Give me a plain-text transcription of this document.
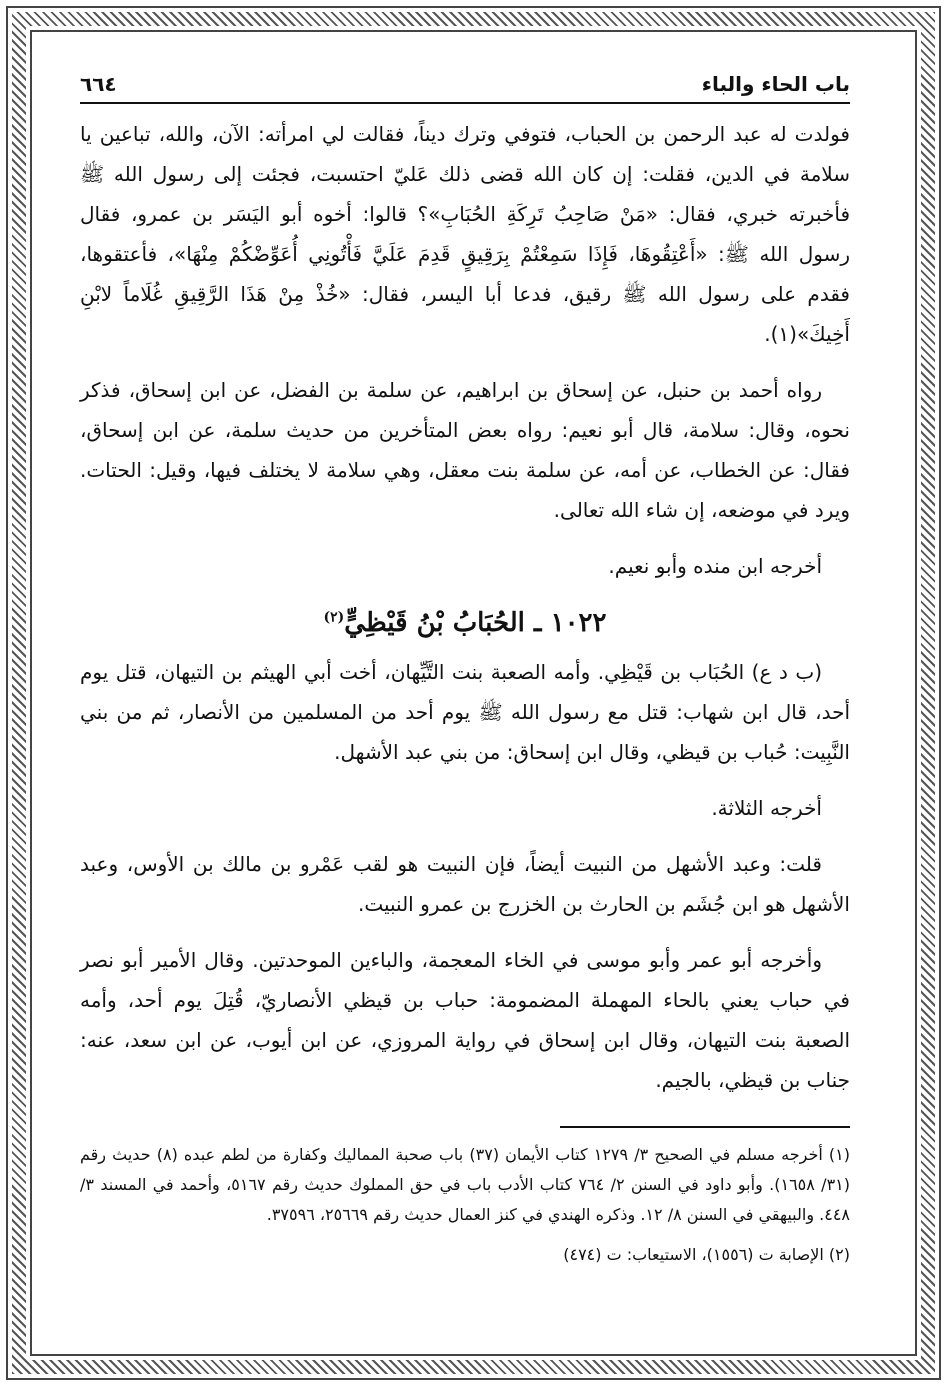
باب الحاء والباء
٦٦٤

فولدت له عبد الرحمن بن الحباب، فتوفي وترك ديناً، فقالت لي امرأته: الآن، والله، تباعين يا سلامة في الدين، فقلت: إن كان الله قضى ذلك عَليّ احتسبت، فجئت إلى رسول الله ﷺ فأخبرته خبري، فقال: «مَنْ صَاحِبُ تَرِكَةِ الحُبَابِ»؟ قالوا: أخوه أبو اليَسَر بن عمرو، فقال رسول الله ﷺ: «أَعْتِقُوهَا، فَإِذَا سَمِعْتُمْ بِرَقِيقٍ قَدِمَ عَلَيَّ فَأْتُونِي أُعَوِّضْكُمْ مِنْهَا»، فأعتقوها، فقدم على رسول الله ﷺ رقيق، فدعا أبا اليسر، فقال: «خُذْ مِنْ هَذَا الرَّقِيقِ غُلَاماً لابْنِ أَخِيكَ»(١).

رواه أحمد بن حنبل، عن إسحاق بن ابراهيم، عن سلمة بن الفضل، عن ابن إسحاق، فذكر نحوه، وقال: سلامة، قال أبو نعيم: رواه بعض المتأخرين من حديث سلمة، عن ابن إسحاق، فقال: عن الخطاب، عن أمه، عن سلمة بنت معقل، وهي سلامة لا يختلف فيها، وقيل: الحتات. ويرد في موضعه، إن شاء الله تعالى.

أخرجه ابن منده وأبو نعيم.

١٠٢٢ ـ الحُبَابُ بْنُ قَيْظِيٍّ$^{(٢)}$

(ب د ع) الحُبَاب بن قَيْظِي. وأمه الصعبة بنت التَّيِّهان، أخت أبي الهيثم بن التيهان، قتل يوم أحد، قال ابن شهاب: قتل مع رسول الله ﷺ يوم أحد من المسلمين من الأنصار، ثم من بني النَّبِيت: حُباب بن قيظي، وقال ابن إسحاق: من بني عبد الأشهل.

أخرجه الثلاثة.

قلت: وعبد الأشهل من النبيت أيضاً، فإن النبيت هو لقب عَمْرو بن مالك بن الأوس، وعبد الأشهل هو ابن جُشَم بن الحارث بن الخزرج بن عمرو النبيت.

وأخرجه أبو عمر وأبو موسى في الخاء المعجمة، والباءين الموحدتين. وقال الأمير أبو نصر في حباب يعني بالحاء المهملة المضمومة: حباب بن قيظي الأنصاريّ، قُتِلَ يوم أحد، وأمه الصعبة بنت التيهان، وقال ابن إسحاق في رواية المروزي، عن ابن أيوب، عن ابن سعد، عنه: جناب بن قيظي، بالجيم.

(١) أخرجه مسلم في الصحيح ٣/ ١٢٧٩ كتاب الأيمان (٣٧) باب صحبة المماليك وكفارة من لطم عبده (٨) حديث رقم (٣١/ ١٦٥٨). وأبو داود في السنن ٢/ ٧٦٤ كتاب الأدب باب في حق المملوك حديث رقم ٥١٦٧، وأحمد في المسند ٣/ ٤٤٨. والبيهقي في السنن ٨/ ١٢. وذكره الهندي في كنز العمال حديث رقم ٢٥٦٦٩، ٣٧٥٩٦.

(٢) الإصابة ت (١٥٥٦)، الاستيعاب: ت (٤٧٤)
